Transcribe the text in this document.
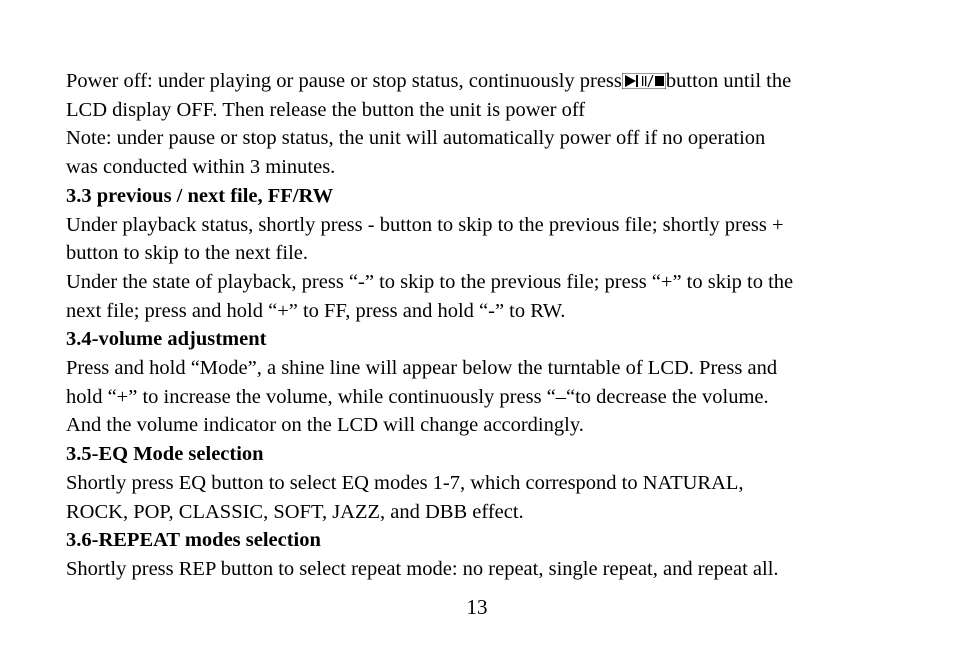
Power off: under playing or pause or stop status, continuously press button until the

LCD display OFF. Then release the button the unit is power off

Note: under pause or stop status, the unit will automatically power off if no operation

was conducted within 3 minutes.

3.3 previous / next file, FF/RW

Under playback status, shortly press - button to skip to the previous file; shortly press +

button to skip to the next file.

Under the state of playback, press “-” to skip to the previous file; press “+” to skip to the

next file; press and hold “+” to FF, press and hold “-” to RW.

3.4-volume adjustment

Press and hold “Mode”, a shine line will appear below the turntable of LCD. Press and

hold “+” to increase the volume, while continuously press “–“to decrease the volume.

And the volume indicator on the LCD will change accordingly.

3.5-EQ Mode selection

Shortly press EQ button to select EQ modes 1-7, which correspond to NATURAL,

ROCK, POP, CLASSIC, SOFT, JAZZ, and DBB effect.

3.6-REPEAT modes selection

Shortly press REP button to select repeat mode: no repeat, single repeat, and repeat all.

13
